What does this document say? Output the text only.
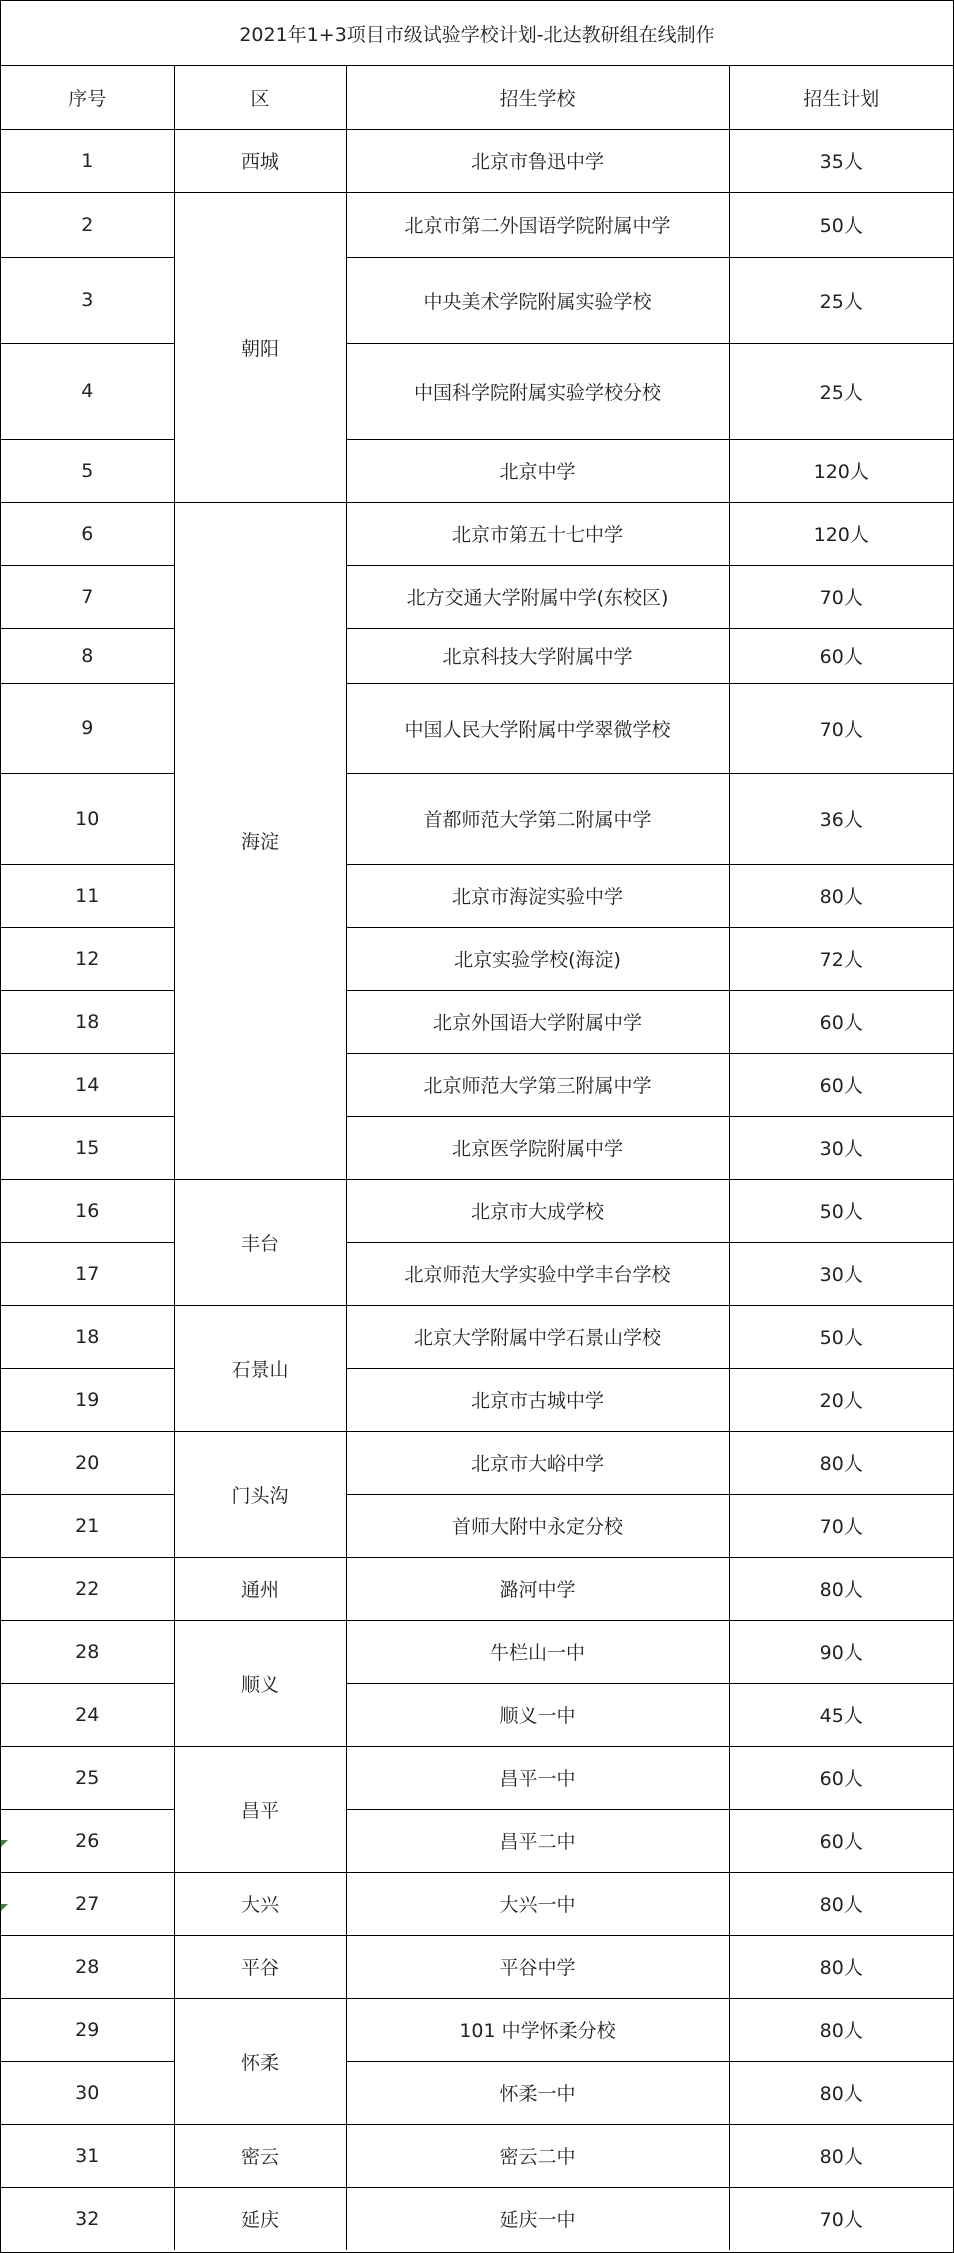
2021年1+3项目市级试验学校计划-北达教研组在线制作
序号	区	招生学校	招生计划
1	西城	北京市鲁迅中学	35人
2	朝阳	北京市第二外国语学院附属中学	50人
3		中央美术学院附属实验学校	25人
4		中国科学院附属实验学校分校	25人
5		北京中学	120人
6	海淀	北京市第五十七中学	120人
7		北方交通大学附属中学(东校区)	70人
8		北京科技大学附属中学	60人
9		中国人民大学附属中学翠微学校	70人
10		首都师范大学第二附属中学	36人
11		北京市海淀实验中学	80人
12		北京实验学校(海淀)	72人
18		北京外国语大学附属中学	60人
14		北京师范大学第三附属中学	60人
15		北京医学院附属中学	30人
16	丰台	北京市大成学校	50人
17		北京师范大学实验中学丰台学校	30人
18	石景山	北京大学附属中学石景山学校	50人
19		北京市古城中学	20人
20	门头沟	北京市大峪中学	80人
21		首师大附中永定分校	70人
22	通州	潞河中学	80人
28	顺义	牛栏山一中	90人
24		顺义一中	45人
25	昌平	昌平一中	60人
26		昌平二中	60人
27	大兴	大兴一中	80人
28	平谷	平谷中学	80人
29	怀柔	101 中学怀柔分校	80人
30		怀柔一中	80人
31	密云	密云二中	80人
32	延庆	延庆一中	70人
